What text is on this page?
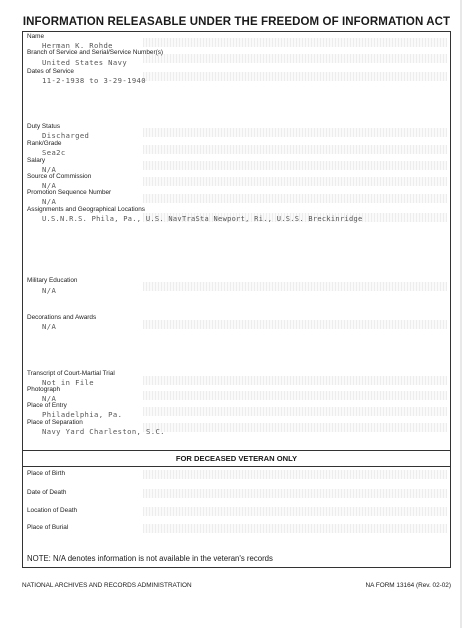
INFORMATION RELEASABLE UNDER THE FREEDOM OF INFORMATION ACT
Name
Herman K. Rohde
Branch of Service and Serial/Service Number(s)
United States Navy
Dates of Service
11-2-1938 to 3-29-1940
Duty Status
Discharged
Rank/Grade
Sea2c
Salary
N/A
Source of Commission
N/A
Promotion Sequence Number
N/A
Assignments and Geographical Locations
U.S.N.R.S. Phila, Pa., U.S. NavTraSta Newport, Ri., U.S.S. Breckinridge
Military Education
N/A
Decorations and Awards
N/A
Transcript of Court-Martial Trial
Not in File
Photograph
N/A
Place of Entry
Philadelphia, Pa.
Place of Separation
Navy Yard Charleston, S.C.
FOR DECEASED VETERAN ONLY
Place of Birth
Date of Death
Location of Death
Place of Burial
NOTE: N/A denotes information is not available in the veteran's records
NATIONAL ARCHIVES AND RECORDS ADMINISTRATION	NA FORM 13164 (Rev. 02-02)
